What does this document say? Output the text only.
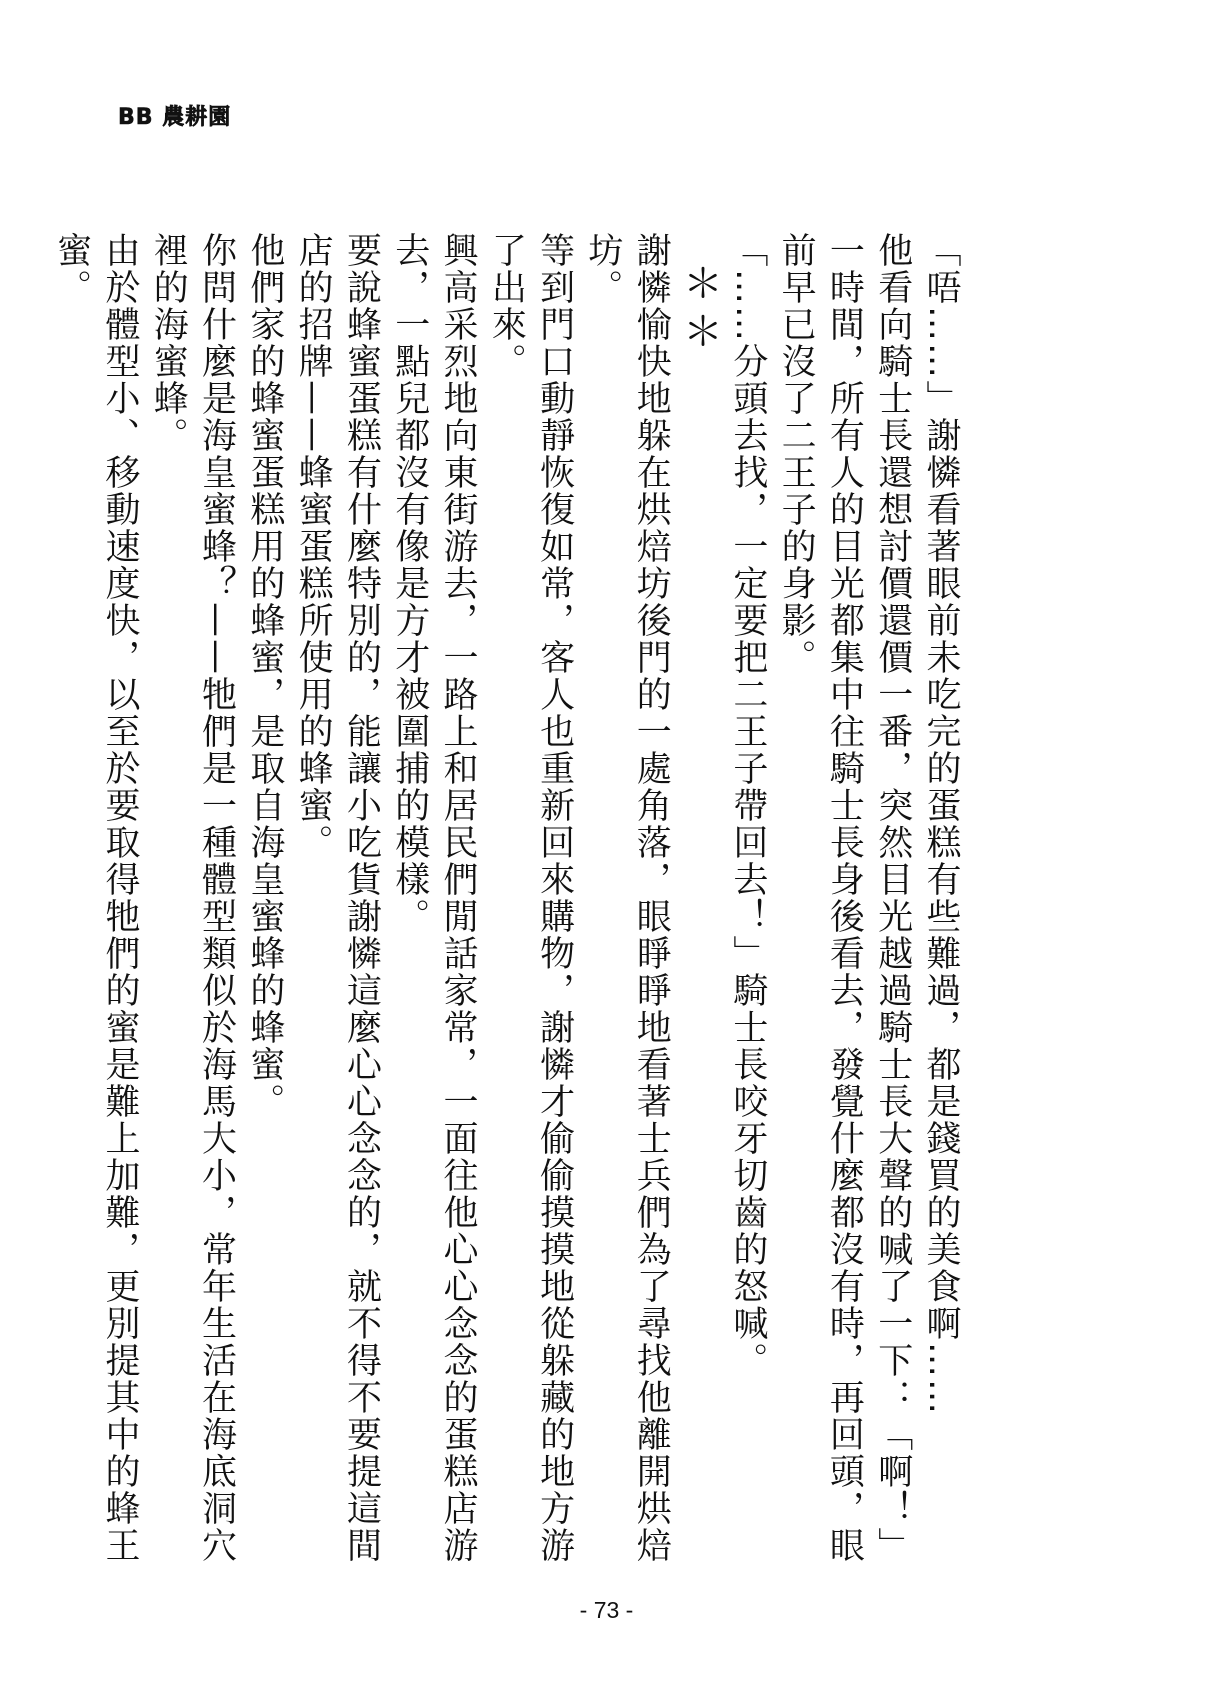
BB 農耕園

「唔……」謝憐看著眼前未吃完的蛋糕有些難過，都是錢買的美食啊……

他看向騎士長還想討價還價一番，突然目光越過騎士長大聲的喊了一下：「啊！」

一時間，所有人的目光都集中往騎士長身後看去，發覺什麼都沒有時，再回頭，眼前早已沒了二王子的身影。

「……分頭去找，一定要把二王子帶回去！」騎士長咬牙切齒的怒喊。

＊＊

謝憐愉快地躲在烘焙坊後門的一處角落，眼睜睜地看著士兵們為了尋找他離開烘焙坊。

等到門口動靜恢復如常，客人也重新回來購物，謝憐才偷偷摸摸地從躲藏的地方游了出來。

興高采烈地向東街游去，一路上和居民們閒話家常，一面往他心心念念的蛋糕店游去，一點兒都沒有像是方才被圍捕的模樣。

要說蜂蜜蛋糕有什麼特別的，能讓小吃貨謝憐這麼心心念念的，就不得不要提這間店的招牌——蜂蜜蛋糕所使用的蜂蜜。

他們家的蜂蜜蛋糕用的蜂蜜，是取自海皇蜜蜂的蜂蜜。

你問什麼是海皇蜜蜂？——牠們是一種體型類似於海馬大小，常年生活在海底洞穴裡的海蜜蜂。

由於體型小、移動速度快，以至於要取得牠們的蜜是難上加難，更別提其中的蜂王蜜。

- 73 -
